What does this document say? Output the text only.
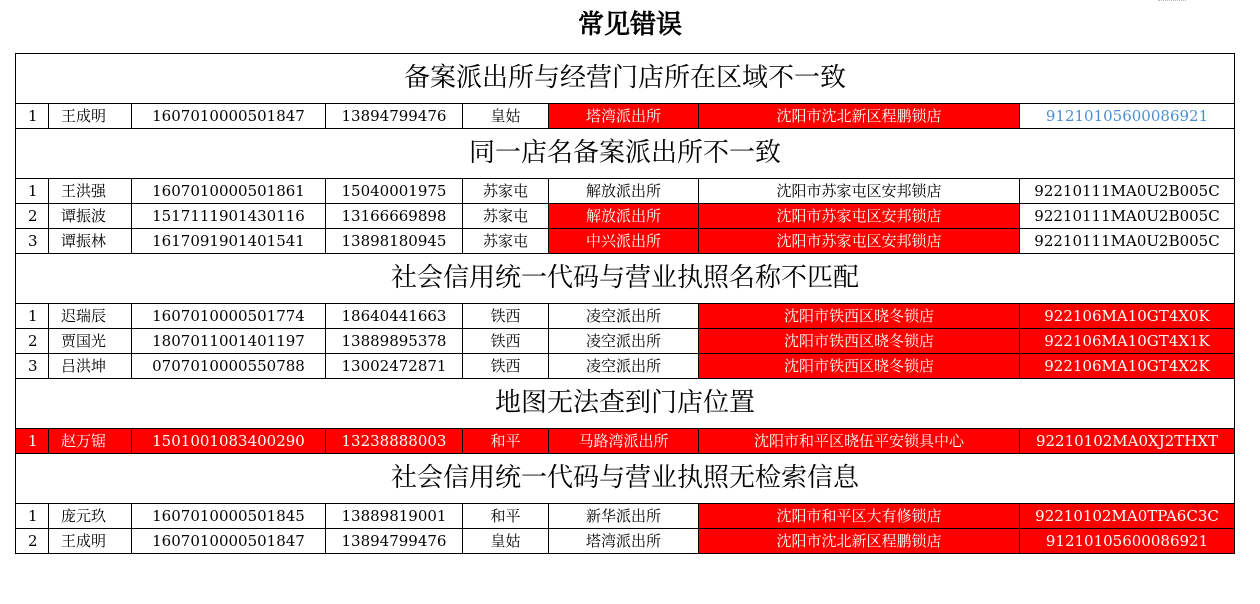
常见错误
备案派出所与经营门店所在区域不一致							
1	王成明	1607010000501847	13894799476	皇姑	塔湾派出所	沈阳市沈北新区程鹏锁店	91210105600086921
同一店名备案派出所不一致							
1	王洪强	1607010000501861	15040001975	苏家屯	解放派出所	沈阳市苏家屯区安邦锁店	92210111MA0U2B005C
2	谭振波	1517111901430116	13166669898	苏家屯	解放派出所	沈阳市苏家屯区安邦锁店	92210111MA0U2B005C
3	谭振林	1617091901401541	13898180945	苏家屯	中兴派出所	沈阳市苏家屯区安邦锁店	92210111MA0U2B005C
社会信用统一代码与营业执照名称不匹配							
1	迟瑞辰	1607010000501774	18640441663	铁西	凌空派出所	沈阳市铁西区晓冬锁店	922106MA10GT4X0K
2	贾国光	1807011001401197	13889895378	铁西	凌空派出所	沈阳市铁西区晓冬锁店	922106MA10GT4X1K
3	吕洪坤	0707010000550788	13002472871	铁西	凌空派出所	沈阳市铁西区晓冬锁店	922106MA10GT4X2K
地图无法查到门店位置							
1	赵万锯	1501001083400290	13238888003	和平	马路湾派出所	沈阳市和平区晓伍平安锁具中心	92210102MA0XJ2THXT
社会信用统一代码与营业执照无检索信息							
1	庞元玖	1607010000501845	13889819001	和平	新华派出所	沈阳市和平区大有修锁店	92210102MA0TPA6C3C
2	王成明	1607010000501847	13894799476	皇姑	塔湾派出所	沈阳市沈北新区程鹏锁店	91210105600086921
